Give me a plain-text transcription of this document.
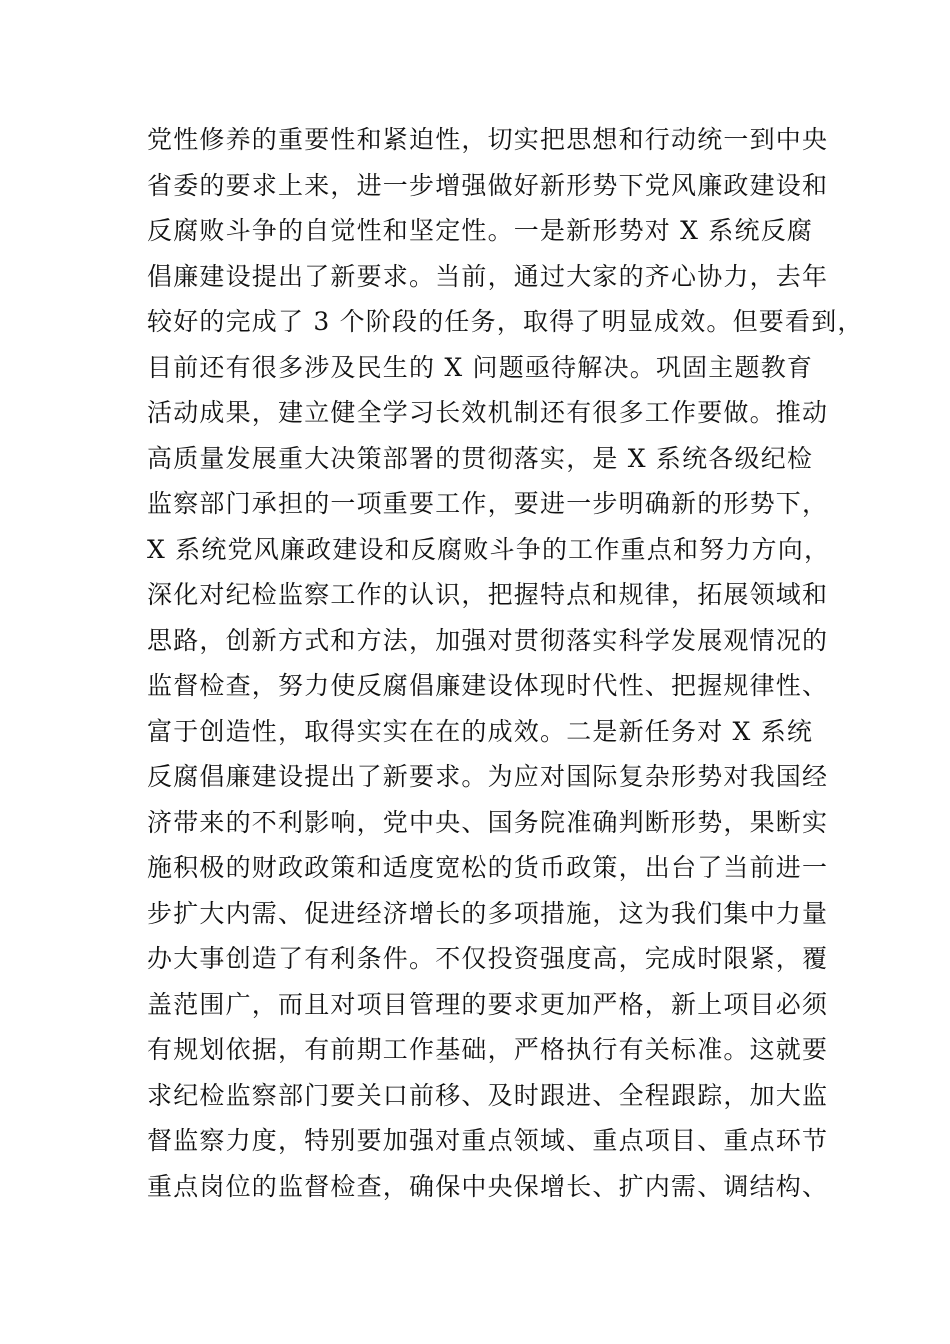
党性修养的重要性和紧迫性，切实把思想和行动统一到中央
省委的要求上来，进一步增强做好新形势下党风廉政建设和
反腐败斗争的自觉性和坚定性。一是新形势对 X 系统反腐
倡廉建设提出了新要求。当前，通过大家的齐心协力，去年
较好的完成了 3 个阶段的任务，取得了明显成效。但要看到，
目前还有很多涉及民生的 X 问题亟待解决。巩固主题教育
活动成果，建立健全学习长效机制还有很多工作要做。推动
高质量发展重大决策部署的贯彻落实，是 X 系统各级纪检
监察部门承担的一项重要工作，要进一步明确新的形势下，
X 系统党风廉政建设和反腐败斗争的工作重点和努力方向，
深化对纪检监察工作的认识，把握特点和规律，拓展领域和
思路，创新方式和方法，加强对贯彻落实科学发展观情况的
监督检查，努力使反腐倡廉建设体现时代性、把握规律性、
富于创造性，取得实实在在的成效。二是新任务对 X 系统
反腐倡廉建设提出了新要求。为应对国际复杂形势对我国经
济带来的不利影响，党中央、国务院准确判断形势，果断实
施积极的财政政策和适度宽松的货币政策，出台了当前进一
步扩大内需、促进经济增长的多项措施，这为我们集中力量
办大事创造了有利条件。不仅投资强度高，完成时限紧，覆
盖范围广，而且对项目管理的要求更加严格，新上项目必须
有规划依据，有前期工作基础，严格执行有关标准。这就要
求纪检监察部门要关口前移、及时跟进、全程跟踪，加大监
督监察力度，特别要加强对重点领域、重点项目、重点环节
重点岗位的监督检查，确保中央保增长、扩内需、调结构、
